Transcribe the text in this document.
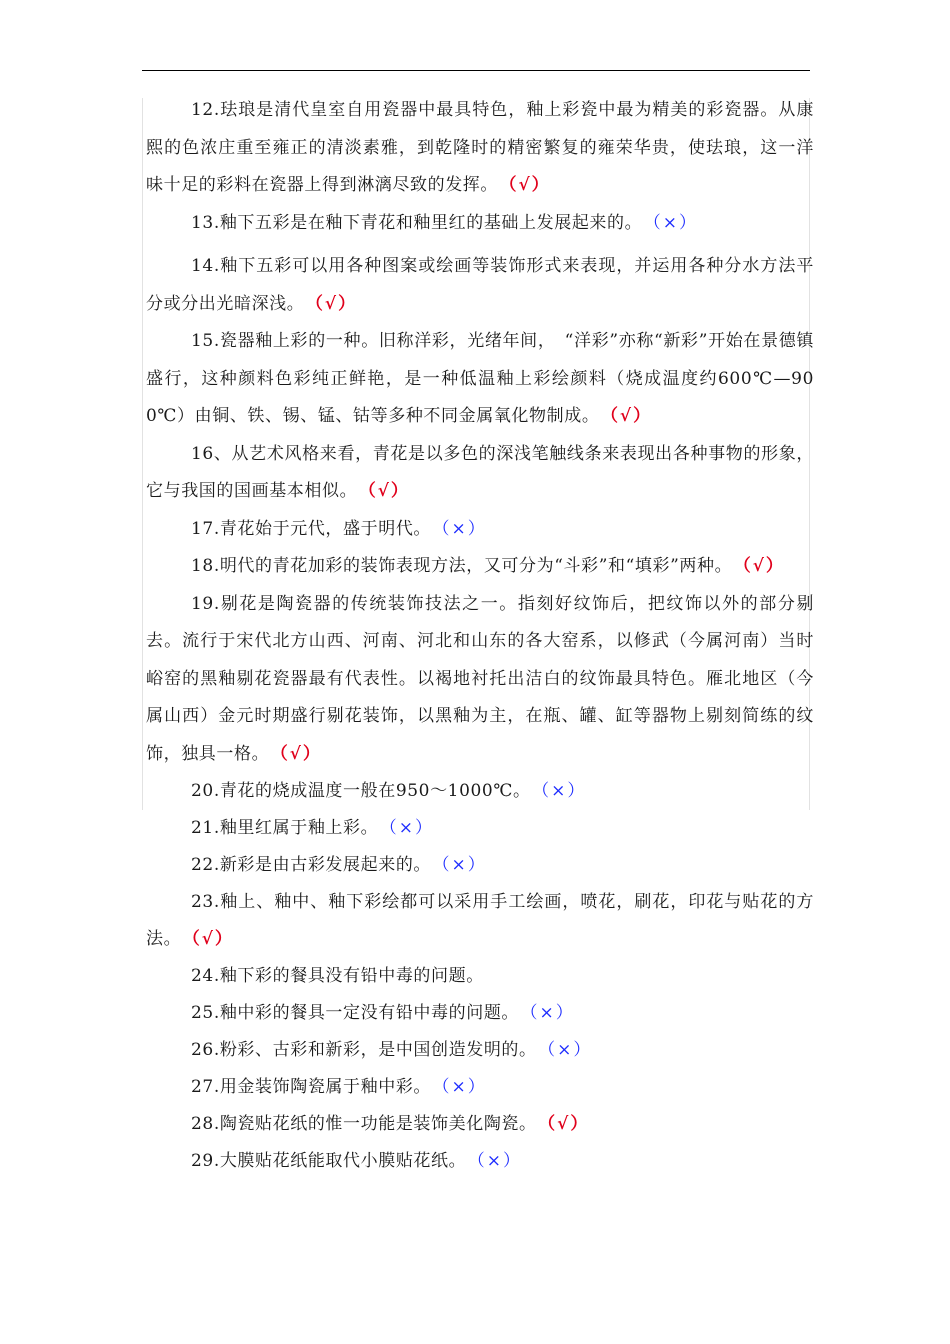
12.珐琅是清代皇室自用瓷器中最具特色，釉上彩瓷中最为精美的彩瓷器。从康熙的色浓庄重至雍正的清淡素雅，到乾隆时的精密繁复的雍荣华贵，使珐琅，这一洋味十足的彩料在瓷器上得到淋漓尽致的发挥。 （√）

13.釉下五彩是在釉下青花和釉里红的基础上发展起来的。 （×）

14.釉下五彩可以用各种图案或绘画等装饰形式来表现，并运用各种分水方法平分或分出光暗深浅。 （√）

15.瓷器釉上彩的一种。旧称洋彩，光绪年间，　“洋彩”亦称“新彩”开始在景德镇盛行，这种颜料色彩纯正鲜艳，是一种低温釉上彩绘颜料（烧成温度约600℃—900℃）由铜、铁、锡、锰、钴等多种不同金属氧化物制成。 （√）

16、从艺术风格来看，青花是以多色的深浅笔触线条来表现出各种事物的形象，它与我国的国画基本相似。 （√）

17.青花始于元代，盛于明代。 （×）

18.明代的青花加彩的装饰表现方法，又可分为“斗彩”和“填彩”两种。 （√）

19.剔花是陶瓷器的传统装饰技法之一。指刻好纹饰后，把纹饰以外的部分剔去。流行于宋代北方山西、河南、河北和山东的各大窑系，以修武（今属河南）当时峪窑的黑釉剔花瓷器最有代表性。以褐地衬托出洁白的纹饰最具特色。雁北地区（今属山西）金元时期盛行剔花装饰，以黑釉为主，在瓶、罐、缸等器物上剔刻简练的纹饰，独具一格。 （√）

20.青花的烧成温度一般在950～1000℃。 （×）

21.釉里红属于釉上彩。 （×）

22.新彩是由古彩发展起来的。 （×）

23.釉上、釉中、釉下彩绘都可以采用手工绘画，喷花，刷花，印花与贴花的方法。 （√）

24.釉下彩的餐具没有铅中毒的问题。

25.釉中彩的餐具一定没有铅中毒的问题。 （×）

26.粉彩、古彩和新彩，是中国创造发明的。 （×）

27.用金装饰陶瓷属于釉中彩。 （×）

28.陶瓷贴花纸的惟一功能是装饰美化陶瓷。 （√）

29.大膜贴花纸能取代小膜贴花纸。 （×）
